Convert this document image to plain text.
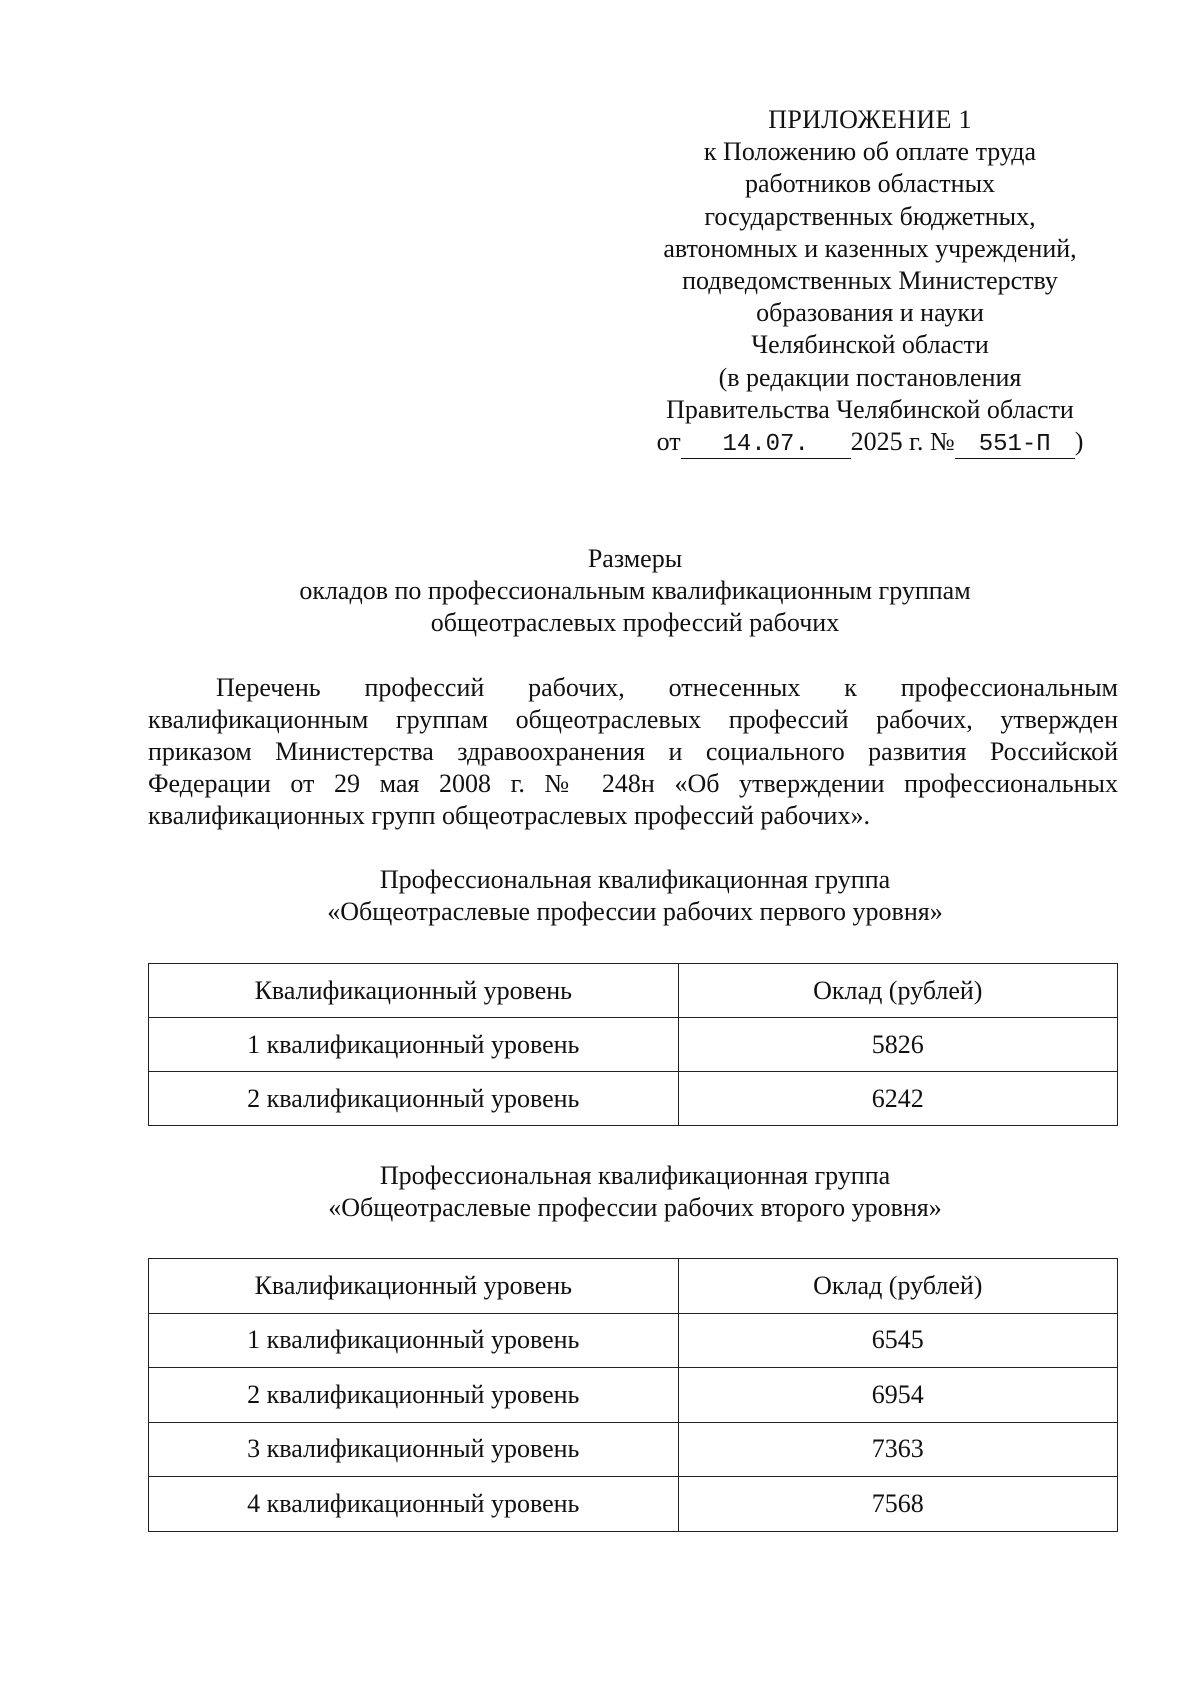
ПРИЛОЖЕНИЕ 1
к Положению об оплате труда
работников областных
государственных бюджетных,
автономных и казенных учреждений,
подведомственных Министерству
образования и науки
Челябинской области
(в редакции постановления
Правительства Челябинской области
от 14.07. 2025 г. № 551-П )
Размеры
окладов по профессиональным квалификационным группам
общеотраслевых профессий рабочих
Перечень профессий рабочих, отнесенных к профессиональным квалификационным группам общеотраслевых профессий рабочих, утвержден приказом Министерства здравоохранения и социального развития Российской Федерации от 29 мая 2008 г. № 248н «Об утверждении профессиональных квалификационных групп общеотраслевых профессий рабочих».
Профессиональная квалификационная группа
«Общеотраслевые профессии рабочих первого уровня»
Квалификационный уровень	Оклад (рублей)
1 квалификационный уровень	5826
2 квалификационный уровень	6242
Профессиональная квалификационная группа
«Общеотраслевые профессии рабочих второго уровня»
Квалификационный уровень	Оклад (рублей)
1 квалификационный уровень	6545
2 квалификационный уровень	6954
3 квалификационный уровень	7363
4 квалификационный уровень	7568
